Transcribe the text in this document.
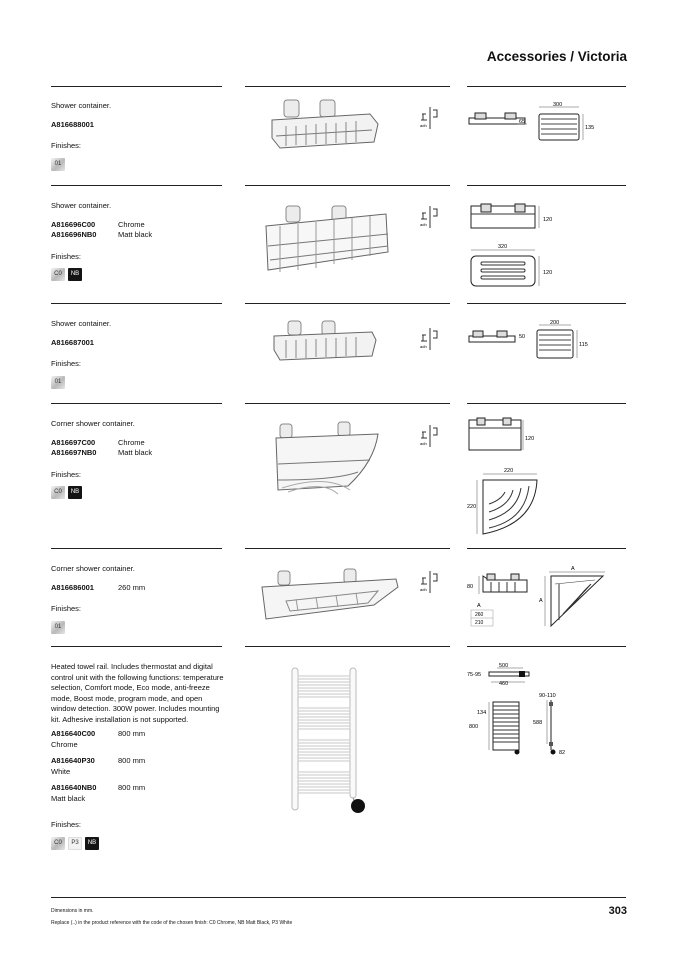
Accessories / Victoria
Shower container.
A816688001
Finishes:
01
adh
65
300
135
Shower container.
A816696C00	Chrome
A816696NB0	Matt black
Finishes:
C0	NB
adh
120
320
120
Shower container.
A816687001
Finishes:
01
adh
50
200
115
Corner shower container.
A816697C00	Chrome
A816697NB0	Matt black
Finishes:
C0	NB
adh
120
220
220
Corner shower container.
A816686001	260 mm
Finishes:
01
adh	80
A
260
210
A
A
Heated towel rail. Includes thermostat and digital control unit with the following functions: temperature selection, Comfort mode, Eco mode, anti-freeze mode, Boost mode, program mode, and open window detection. 300W power. Includes mounting kit. Adhesive installation is not supported.
A816640C00	800 mm
Chrome
A816640P30	800 mm
White
A816640NB0	800 mm
Matt black
Finishes:
C0	P3	NB
500
75-95
460
90-110
134
800
588
82
Dimensions in mm.
Replace (..) in the product reference with the code of the chosen finish: C0 Chrome, NB Matt Black, P3 White
303
